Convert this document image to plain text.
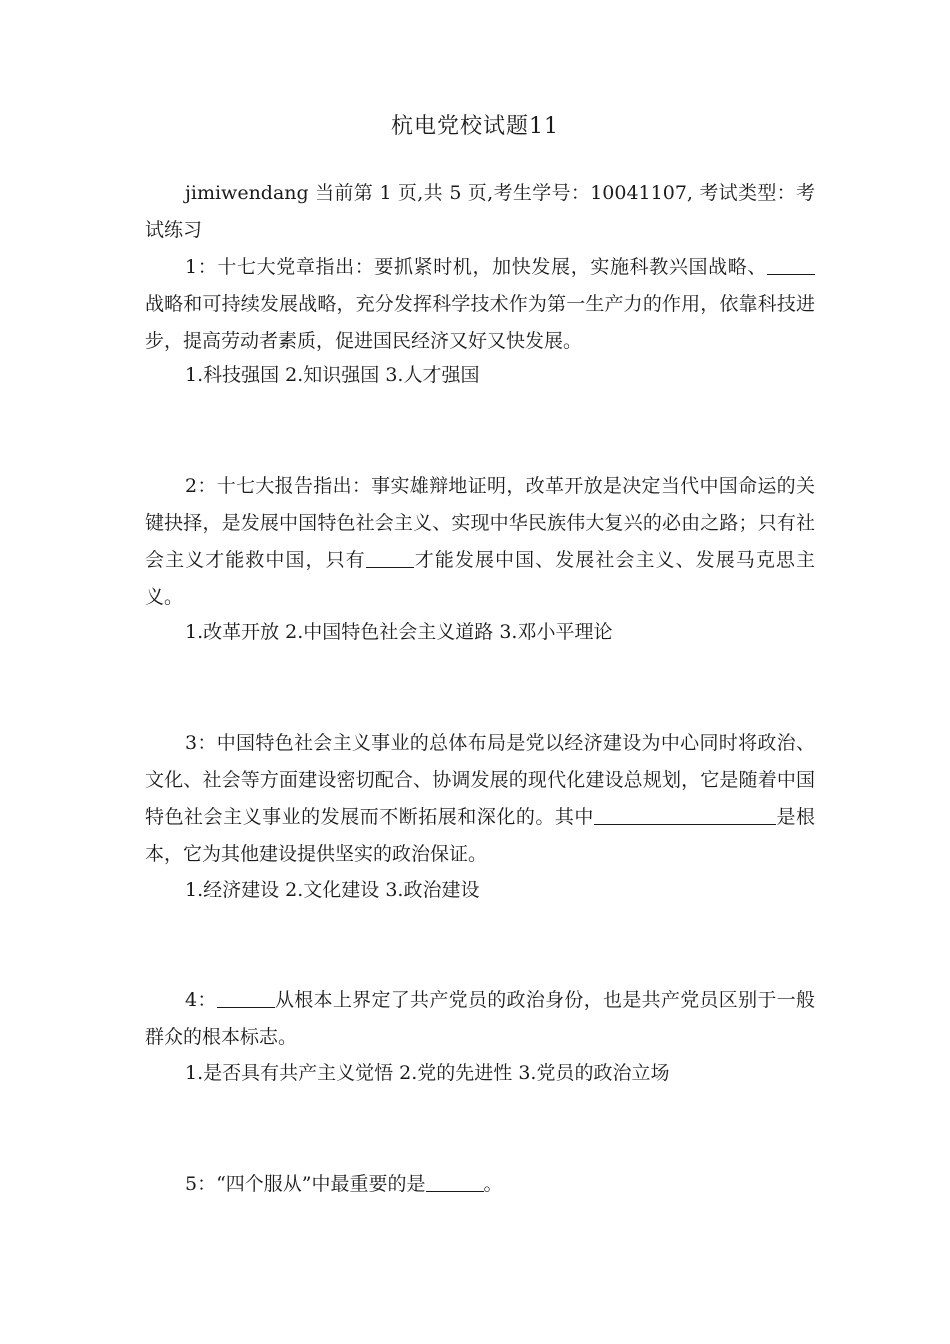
杭电党校试题11

jimiwendang 当前第 1 页,共 5 页,考生学号：10041107, 考试类型：考试练习

1：十七大党章指出：要抓紧时机，加快发展，实施科教兴国战略、战略和可持续发展战略，充分发挥科学技术作为第一生产力的作用，依靠科技进步，提高劳动者素质，促进国民经济又好又快发展。

1.科技强国 2.知识强国 3.人才强国

2：十七大报告指出：事实雄辩地证明，改革开放是决定当代中国命运的关键抉择，是发展中国特色社会主义、实现中华民族伟大复兴的必由之路；只有社会主义才能救中国，只有	才能发展中国、发展社会主义、发展马克思主义。

1.改革开放 2.中国特色社会主义道路 3.邓小平理论

3：中国特色社会主义事业的总体布局是党以经济建设为中心同时将政治、文化、社会等方面建设密切配合、协调发展的现代化建设总规划，它是随着中国特色社会主义事业的发展而不断拓展和深化的。其中	是根本，它为其他建设提供坚实的政治保证。

1.经济建设 2.文化建设 3.政治建设

4：	从根本上界定了共产党员的政治身份，也是共产党员区别于一般群众的根本标志。

1.是否具有共产主义觉悟 2.党的先进性 3.党员的政治立场

5：“四个服从”中最重要的是	。
